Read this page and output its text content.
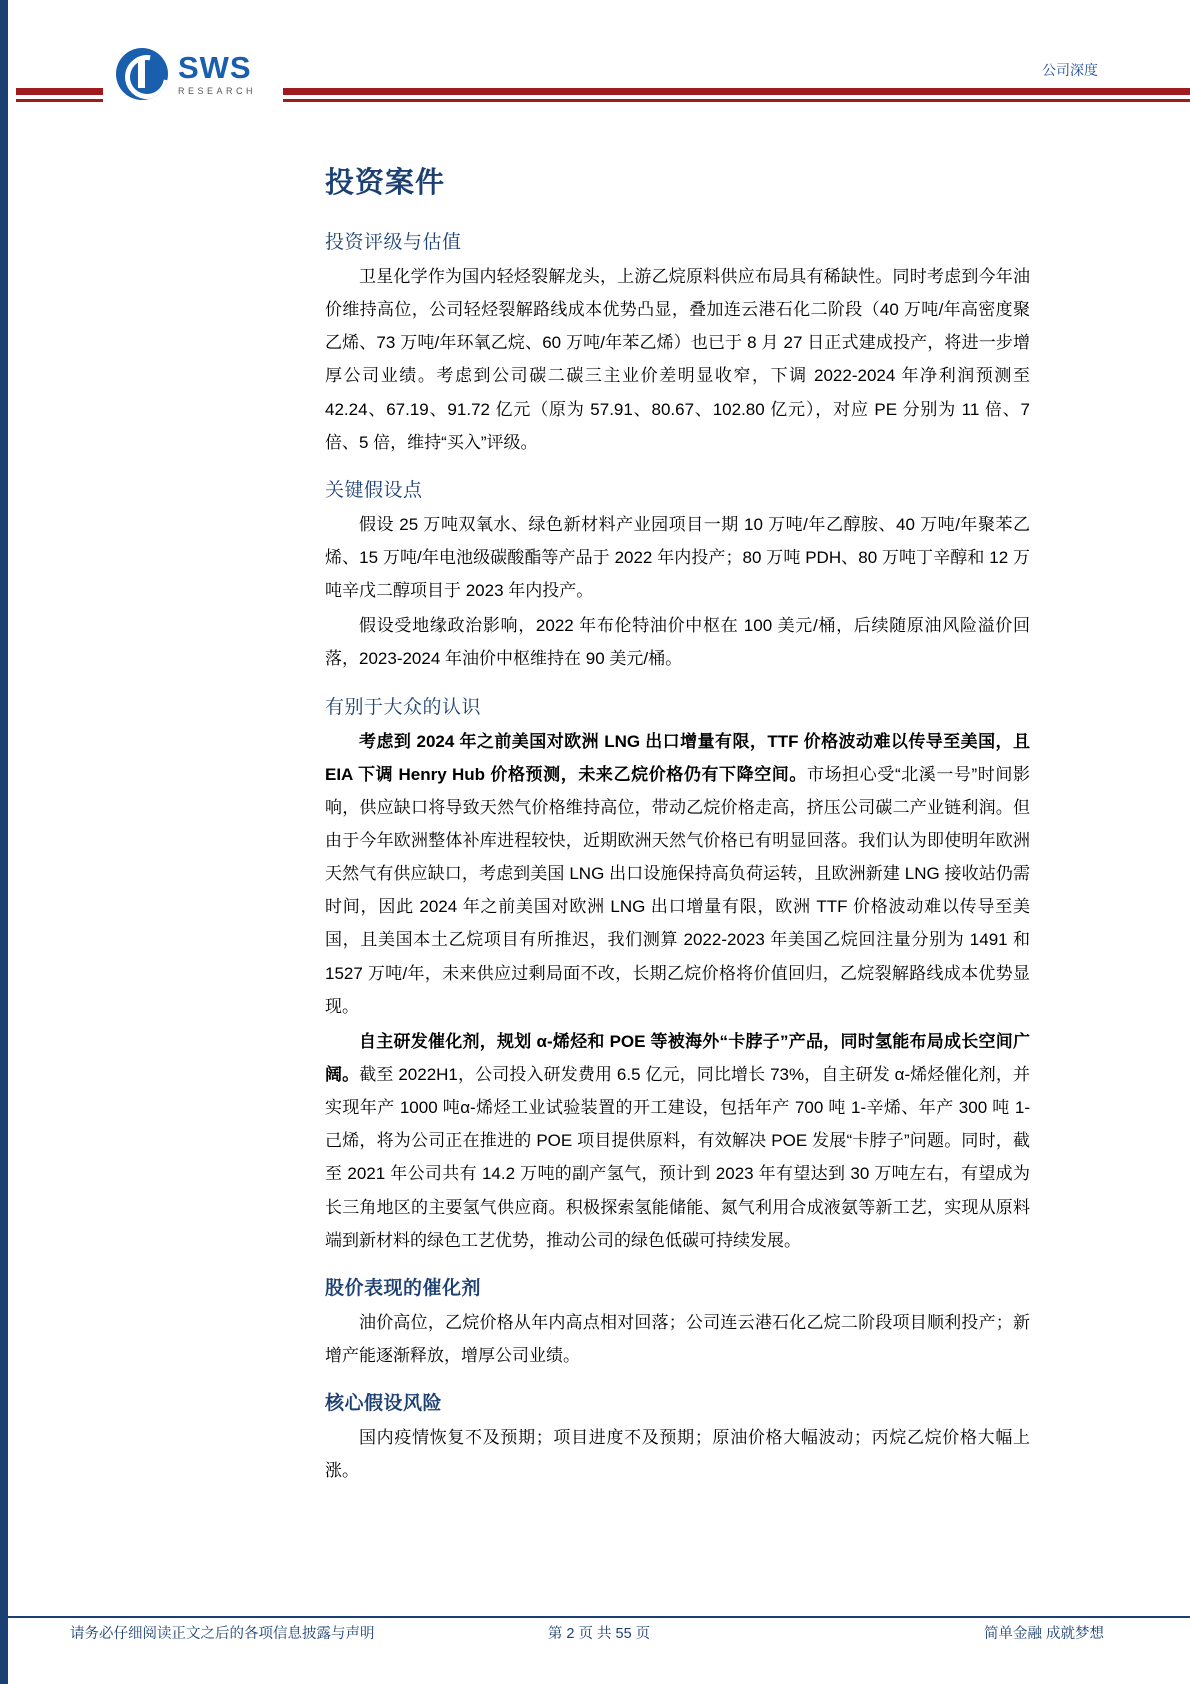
SWS
RESEARCH
公司深度
投资案件
投资评级与估值

卫星化学作为国内轻烃裂解龙头，上游乙烷原料供应布局具有稀缺性。同时考虑到今年油价维持高位，公司轻烃裂解路线成本优势凸显，叠加连云港石化二阶段（40 万吨/年高密度聚乙烯、73 万吨/年环氧乙烷、60 万吨/年苯乙烯）也已于 8 月 27 日正式建成投产，将进一步增厚公司业绩。考虑到公司碳二碳三主业价差明显收窄，下调 2022-2024 年净利润预测至 42.24、67.19、91.72 亿元（原为 57.91、80.67、102.80 亿元），对应 PE 分别为 11 倍、7 倍、5 倍，维持“买入”评级。

关键假设点

假设 25 万吨双氧水、绿色新材料产业园项目一期 10 万吨/年乙醇胺、40 万吨/年聚苯乙烯、15 万吨/年电池级碳酸酯等产品于 2022 年内投产；80 万吨 PDH、80 万吨丁辛醇和 12 万吨辛戊二醇项目于 2023 年内投产。

假设受地缘政治影响，2022 年布伦特油价中枢在 100 美元/桶，后续随原油风险溢价回落，2023-2024 年油价中枢维持在 90 美元/桶。

有别于大众的认识

考虑到 2024 年之前美国对欧洲 LNG 出口增量有限，TTF 价格波动难以传导至美国，且 EIA 下调 Henry Hub 价格预测，未来乙烷价格仍有下降空间。市场担心受“北溪一号”时间影响，供应缺口将导致天然气价格维持高位，带动乙烷价格走高，挤压公司碳二产业链利润。但由于今年欧洲整体补库进程较快，近期欧洲天然气价格已有明显回落。我们认为即使明年欧洲天然气有供应缺口，考虑到美国 LNG 出口设施保持高负荷运转，且欧洲新建 LNG 接收站仍需时间，因此 2024 年之前美国对欧洲 LNG 出口增量有限，欧洲 TTF 价格波动难以传导至美国，且美国本土乙烷项目有所推迟，我们测算 2022-2023 年美国乙烷回注量分别为 1491 和 1527 万吨/年，未来供应过剩局面不改，长期乙烷价格将价值回归，乙烷裂解路线成本优势显现。

自主研发催化剂，规划 α-烯烃和 POE 等被海外“卡脖子”产品，同时氢能布局成长空间广阔。截至 2022H1，公司投入研发费用 6.5 亿元，同比增长 73%，自主研发 α-烯烃催化剂，并实现年产 1000 吨α-烯烃工业试验装置的开工建设，包括年产 700 吨 1-辛烯、年产 300 吨 1-己烯，将为公司正在推进的 POE 项目提供原料，有效解决 POE 发展“卡脖子”问题。同时，截至 2021 年公司共有 14.2 万吨的副产氢气，预计到 2023 年有望达到 30 万吨左右，有望成为长三角地区的主要氢气供应商。积极探索氢能储能、氮气利用合成液氨等新工艺，实现从原料端到新材料的绿色工艺优势，推动公司的绿色低碳可持续发展。

股价表现的催化剂

油价高位，乙烷价格从年内高点相对回落；公司连云港石化乙烷二阶段项目顺利投产；新增产能逐渐释放，增厚公司业绩。

核心假设风险

国内疫情恢复不及预期；项目进度不及预期；原油价格大幅波动；丙烷乙烷价格大幅上涨。

请务必仔细阅读正文之后的各项信息披露与声明	第 2 页 共 55 页	简单金融 成就梦想
